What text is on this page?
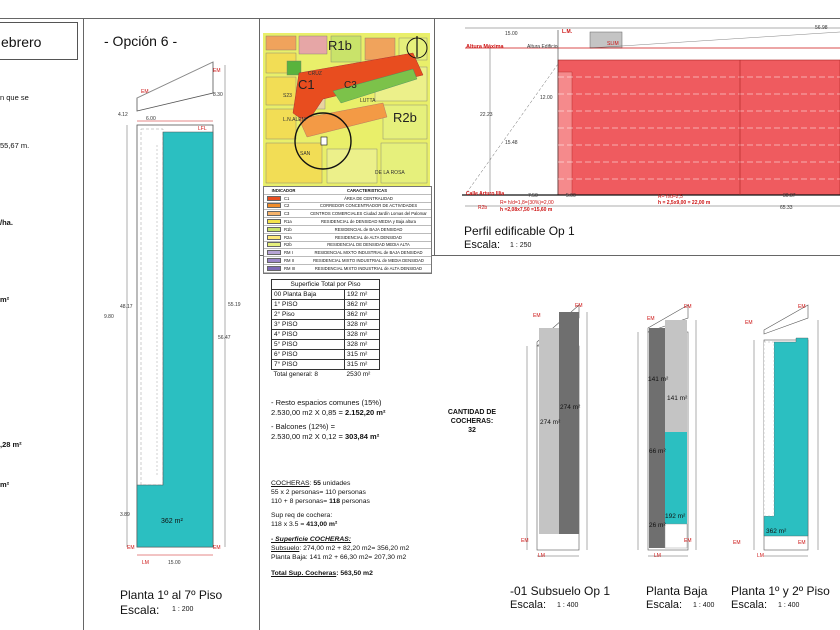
ebrero	- Opción 6 -
n que se
55,67 m.
/ha.
m²
,28 m²
m²
EM
EM
LFL
6.00
4.12
56.47
55.19
48.17
8.30
15.00
9.80
3.89
EM	EM
LM
362 m²
Planta 1º al 7º Piso
Escala: 1 : 200
R1b
C1	C3
R2b
CRUZ
LUTTA
S23
L.N.ALEM
SAN
DE LA ROSA
INDICADOR	CARACTERISTICAS
C1	ÁREA DE CENTRALIDAD
C2	CORREDOR CONCENTRADOR DE ACTIVIDADES
C3	CENTROS COMERCIALES Ciudad Jardín Lomas del Palomar
R1a	RESIDENCIAL de DENSIDAD MEDIA y Baja altura
R1b	RESIDENCIAL de BAJA DENSIDAD
R2a	RESIDENCIAL de ALTA DENSIDAD
R2b	RESIDENCIAL DE DENSIDAD MEDIA ALTA
RM I	RESIDENCIAL MIXTO INDUSTRIAL de BAJA DENSIDAD
RM II	RESIDENCIAL MIXTO INDUSTRIAL de MEDIA DENSIDAD
RM III	RESIDENCIAL MIXTO INDUSTRIAL de ALTA DENSIDAD
Altura Máxima	Altura Edificio	SLIM
L.M.
Calle Arturo Illia
R2b
R= h/d=1,8=(30%)=2,00
h =2,08x7,50 =15,60 m
R= h/d=2,5
h = 2,5x9,00 = 22,00 m
15.00
56.98
22.23
7.50	5.00	30.87
65.33
12.00
15.48
Perfil edificable Op 1
Escala: 1 : 250
Superficie Total por Piso	
00 Planta Baja	192 m²
1° PISO	362 m²
2° Piso	362 m²
3° PISO	328 m²
4° PISO	328 m²
5° PISO	328 m²
6° PISO	315 m²
7° PISO	315 m²
Total general: 8	2530 m²
- Resto espacios comunes (15%)
2.530,00 m2 X 0,85 = 2.152,20 m²
- Balcones (12%) =
2.530,00 m2 X 0,12 = 303,84 m²
COCHERAS: 55 unidades
55 x 2 personas= 110 personas
110 + 8 personas= 118 personas
Sup req de cochera:
118 x 3.5 = 413,00 m²
- Superficie COCHERAS:
Subsuelo: 274,00 m2 + 82,20 m2= 356,20 m2
Planta Baja: 141 m2 + 66,30 m2= 207,30 m2
Total Sup. Cocheras: 563,50 m2
CANTIDAD DE COCHERAS:
32
274 m²
274 m²
EM
EM
EM
LM
-01 Subsuelo Op 1
Escala: 1 : 400
141 m²
141 m²
66 m²
192 m²
26 m²
EM
EM
EM
LM
Planta Baja
Escala: 1 : 400
362 m²
EM
EM
EM	EM
LM
Planta 1º y 2º Piso
Escala: 1 : 400
